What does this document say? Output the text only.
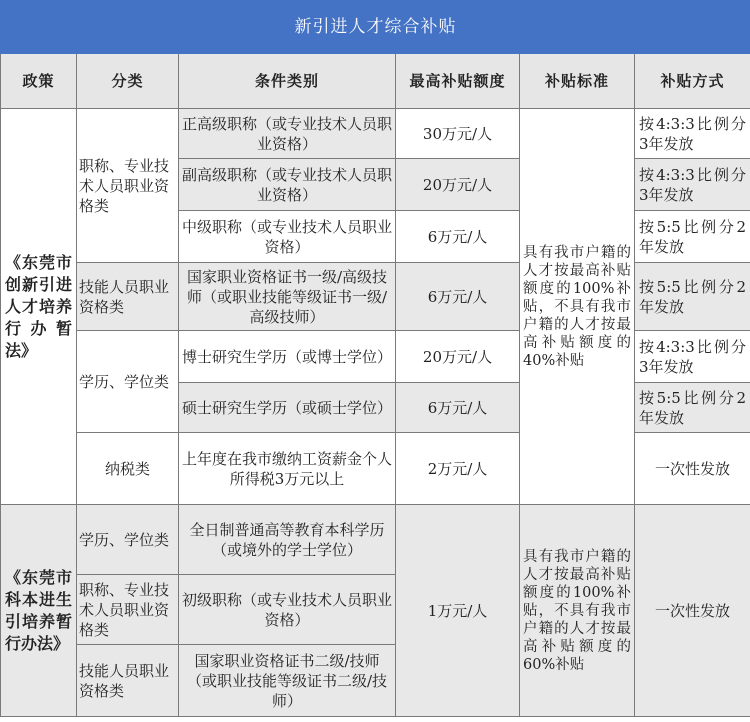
新引进人才综合补贴					
政策	分类	条件类别	最高补贴额度	补贴标准	补贴方式
《东莞市创新引进人才培养行办暂法》	职称、专业技术人员职业资格类	正高级职称（或专业技术人员职业资格）	30万元/人	具有我市户籍的人才按最高补贴额度的100%补贴，不具有我市户籍的人才按最高补贴额度的40%补贴	按4:3:3比例分3年发放
		副高级职称（或专业技术人员职业资格）	20万元/人		按4:3:3比例分3年发放
		中级职称（或专业技术人员职业资格）	6万元/人		按5:5比例分2年发放
	技能人员职业资格类	国家职业资格证书一级/高级技师（或职业技能等级证书一级/高级技师）	6万元/人		按5:5比例分2年发放
	学历、学位类	博士研究生学历（或博士学位）	20万元/人		按4:3:3比例分3年发放
		硕士研究生学历（或硕士学位）	6万元/人		按5:5比例分2年发放
	纳税类	上年度在我市缴纳工资薪金个人所得税3万元以上	2万元/人		一次性发放
《东莞市科本进生引培养暂行办法》	学历、学位类	全日制普通高等教育本科学历（或境外的学士学位）	1万元/人	具有我市户籍的人才按最高补贴额度的100%补贴，不具有我市户籍的人才按最高补贴额度的60%补贴	一次性发放
	职称、专业技术人员职业资格类	初级职称（或专业技术人员职业资格）			
	技能人员职业资格类	国家职业资格证书二级/技师（或职业技能等级证书二级/技师）			
